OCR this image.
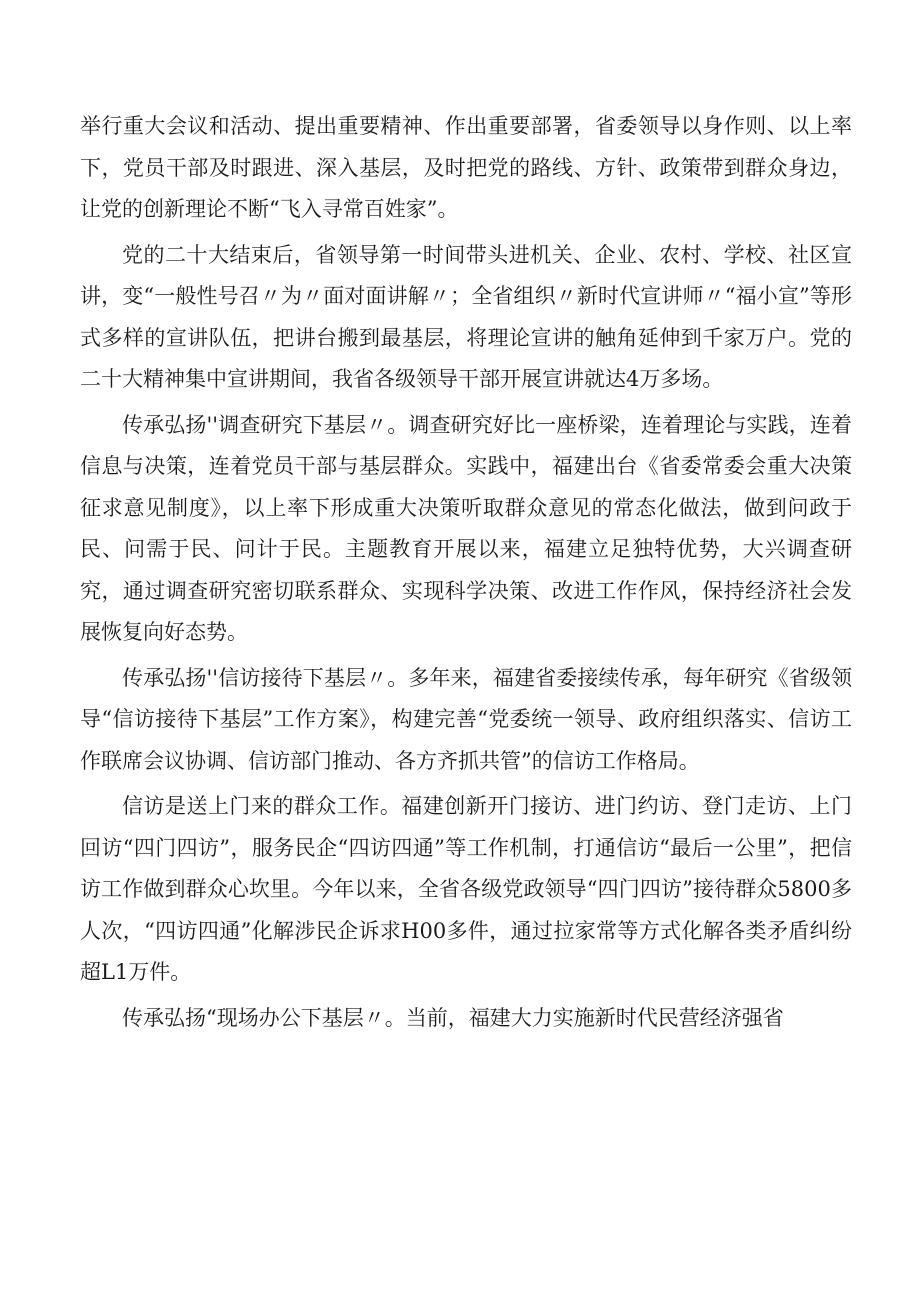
举行重大会议和活动、提出重要精神、作出重要部署，省委领导以身作则、以上率下，党员干部及时跟进、深入基层，及时把党的路线、方针、政策带到群众身边，让党的创新理论不断“飞入寻常百姓家”。

党的二十大结束后，省领导第一时间带头进机关、企业、农村、学校、社区宣讲，变“一般性号召〃为〃面对面讲解〃；全省组织〃新时代宣讲师〃“福小宣”等形式多样的宣讲队伍，把讲台搬到最基层，将理论宣讲的触角延伸到千家万户。党的二十大精神集中宣讲期间，我省各级领导干部开展宣讲就达4万多场。

传承弘扬''调查研究下基层〃。调查研究好比一座桥梁，连着理论与实践，连着信息与决策，连着党员干部与基层群众。实践中，福建出台《省委常委会重大决策征求意见制度》，以上率下形成重大决策听取群众意见的常态化做法，做到问政于民、问需于民、问计于民。主题教育开展以来，福建立足独特优势，大兴调查研究，通过调查研究密切联系群众、实现科学决策、改进工作作风，保持经济社会发展恢复向好态势。

传承弘扬''信访接待下基层〃。多年来，福建省委接续传承，每年研究《省级领导“信访接待下基层”工作方案》，构建完善“党委统一领导、政府组织落实、信访工作联席会议协调、信访部门推动、各方齐抓共管”的信访工作格局。

信访是送上门来的群众工作。福建创新开门接访、进门约访、登门走访、上门回访“四门四访”，服务民企“四访四通”等工作机制，打通信访“最后一公里”，把信访工作做到群众心坎里。今年以来，全省各级党政领导“四门四访”接待群众5800多人次，“四访四通”化解涉民企诉求H00多件，通过拉家常等方式化解各类矛盾纠纷超L1万件。

传承弘扬“现场办公下基层〃。当前，福建大力实施新时代民营经济强省
